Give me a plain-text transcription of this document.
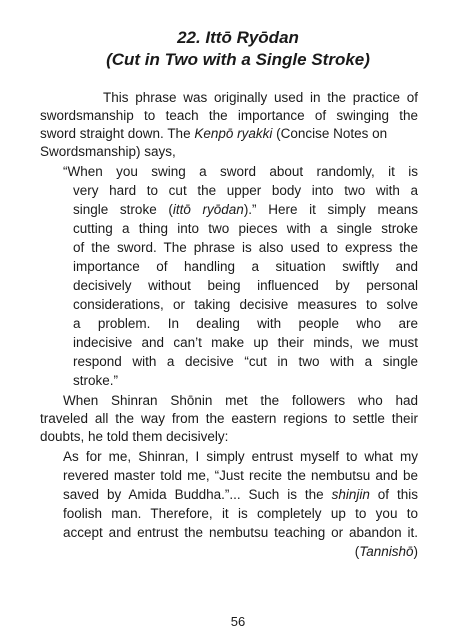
22. Ittō Ryōdan
(Cut in Two with a Single Stroke)

This phrase was originally used in the practice of

swordsmanship to teach the importance of swinging the

sword straight down. The Kenpō ryakki (Concise Notes on

Swordsmanship) says,

“When you swing a sword about randomly, it is

very hard to cut the upper body into two with a

single stroke (ittō ryōdan).” Here it simply means

cutting a thing into two pieces with a single stroke

of the sword. The phrase is also used to express the

importance of handling a situation swiftly and

decisively without being influenced by personal

considerations, or taking decisive measures to solve

a problem. In dealing with people who are

indecisive and can’t make up their minds, we must

respond with a decisive “cut in two with a single

stroke.”

When Shinran Shōnin met the followers who had

traveled all the way from the eastern regions to settle their

doubts, he told them decisively:

As for me, Shinran, I simply entrust myself to what my

revered master told me, “Just recite the nembutsu and be

saved by Amida Buddha.”... Such is the shinjin of this

foolish man. Therefore, it is completely up to you to

accept and entrust the nembutsu teaching or abandon it.

(Tannishō)

56
